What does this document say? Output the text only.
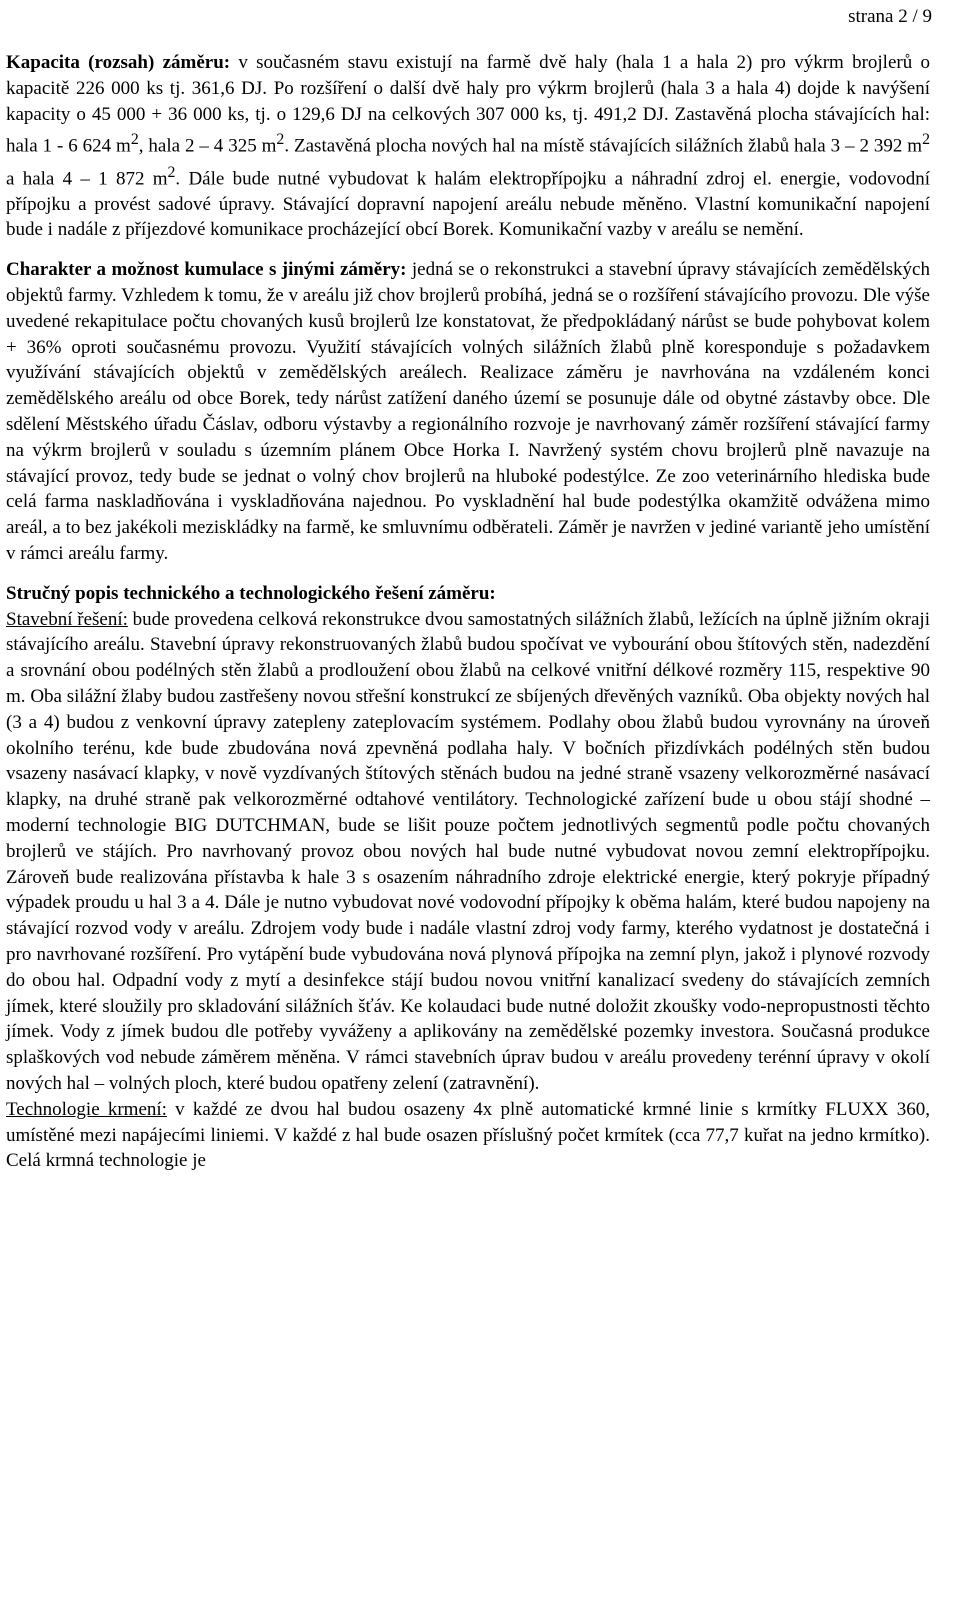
strana 2 / 9

Kapacita (rozsah) záměru: v současném stavu existují na farmě dvě haly (hala 1 a hala 2) pro výkrm brojlerů o kapacitě 226 000 ks tj. 361,6 DJ. Po rozšíření o další dvě haly pro výkrm brojlerů (hala 3 a hala 4) dojde k navýšení kapacity o 45 000 + 36 000 ks, tj. o 129,6 DJ na celkových 307 000 ks, tj. 491,2 DJ. Zastavěná plocha stávajících hal: hala 1 - 6 624 $m^2$, hala 2 – 4 325 $m^2$. Zastavěná plocha nových hal na místě stávajících silážních žlabů hala 3 – 2 392 $m^2$ a hala 4 – 1 872 $m^2$. Dále bude nutné vybudovat k halám elektropřípojku a náhradní zdroj el. energie, vodovodní přípojku a provést sadové úpravy. Stávající dopravní napojení areálu nebude měněno. Vlastní komunikační napojení bude i nadále z příjezdové komunikace procházející obcí Borek. Komunikační vazby v areálu se nemění.

Charakter a možnost kumulace s jinými záměry: jedná se o rekonstrukci a stavební úpravy stávajících zemědělských objektů farmy. Vzhledem k tomu, že v areálu již chov brojlerů probíhá, jedná se o rozšíření stávajícího provozu. Dle výše uvedené rekapitulace počtu chovaných kusů brojlerů lze konstatovat, že předpokládaný nárůst se bude pohybovat kolem + 36% oproti současnému provozu. Využití stávajících volných silážních žlabů plně koresponduje s požadavkem využívání stávajících objektů v zemědělských areálech. Realizace záměru je navrhována na vzdáleném konci zemědělského areálu od obce Borek, tedy nárůst zatížení daného území se posunuje dále od obytné zástavby obce. Dle sdělení Městského úřadu Čáslav, odboru výstavby a regionálního rozvoje je navrhovaný záměr rozšíření stávající farmy na výkrm brojlerů v souladu s územním plánem Obce Horka I. Navržený systém chovu brojlerů plně navazuje na stávající provoz, tedy bude se jednat o volný chov brojlerů na hluboké podestýlce. Ze zoo veterinárního hlediska bude celá farma naskladňována i vyskladňována najednou. Po vyskladnění hal bude podestýlka okamžitě odvážena mimo areál, a to bez jakékoli meziskládky na farmě, ke smluvnímu odběrateli. Záměr je navržen v jediné variantě jeho umístění v rámci areálu farmy.

Stručný popis technického a technologického řešení záměru:

Stavební řešení: bude provedena celková rekonstrukce dvou samostatných silážních žlabů, ležících na úplně jižním okraji stávajícího areálu. Stavební úpravy rekonstruovaných žlabů budou spočívat ve vybourání obou štítových stěn, nadezdění a srovnání obou podélných stěn žlabů a prodloužení obou žlabů na celkové vnitřní délkové rozměry 115, respektive 90 m. Oba silážní žlaby budou zastřešeny novou střešní konstrukcí ze sbíjených dřevěných vazníků. Oba objekty nových hal (3 a 4) budou z venkovní úpravy zatepleny zateplovacím systémem. Podlahy obou žlabů budou vyrovnány na úroveň okolního terénu, kde bude zbudována nová zpevněná podlaha haly. V bočních přizdívkách podélných stěn budou vsazeny nasávací klapky, v nově vyzdívaných štítových stěnách budou na jedné straně vsazeny velkorozměrné nasávací klapky, na druhé straně pak velkorozměrné odtahové ventilátory. Technologické zařízení bude u obou stájí shodné – moderní technologie BIG DUTCHMAN, bude se lišit pouze počtem jednotlivých segmentů podle počtu chovaných brojlerů ve stájích. Pro navrhovaný provoz obou nových hal bude nutné vybudovat novou zemní elektropřípojku. Zároveň bude realizována přístavba k hale 3 s osazením náhradního zdroje elektrické energie, který pokryje případný výpadek proudu u hal 3 a 4. Dále je nutno vybudovat nové vodovodní přípojky k oběma halám, které budou napojeny na stávající rozvod vody v areálu. Zdrojem vody bude i nadále vlastní zdroj vody farmy, kterého vydatnost je dostatečná i pro navrhované rozšíření. Pro vytápění bude vybudována nová plynová přípojka na zemní plyn, jakož i plynové rozvody do obou hal. Odpadní vody z mytí a desinfekce stájí budou novou vnitřní kanalizací svedeny do stávajících zemních jímek, které sloužily pro skladování silážních šťáv. Ke kolaudaci bude nutné doložit zkoušky vodo-nepropustnosti těchto jímek. Vody z jímek budou dle potřeby vyváženy a aplikovány na zemědělské pozemky investora. Současná produkce splaškových vod nebude záměrem měněna. V rámci stavebních úprav budou v areálu provedeny terénní úpravy v okolí nových hal – volných ploch, které budou opatřeny zelení (zatravnění).

Technologie krmení: v každé ze dvou hal budou osazeny 4x plně automatické krmné linie s krmítky FLUXX 360, umístěné mezi napájecími liniemi. V každé z hal bude osazen příslušný počet krmítek (cca 77,7 kuřat na jedno krmítko). Celá krmná technologie je
